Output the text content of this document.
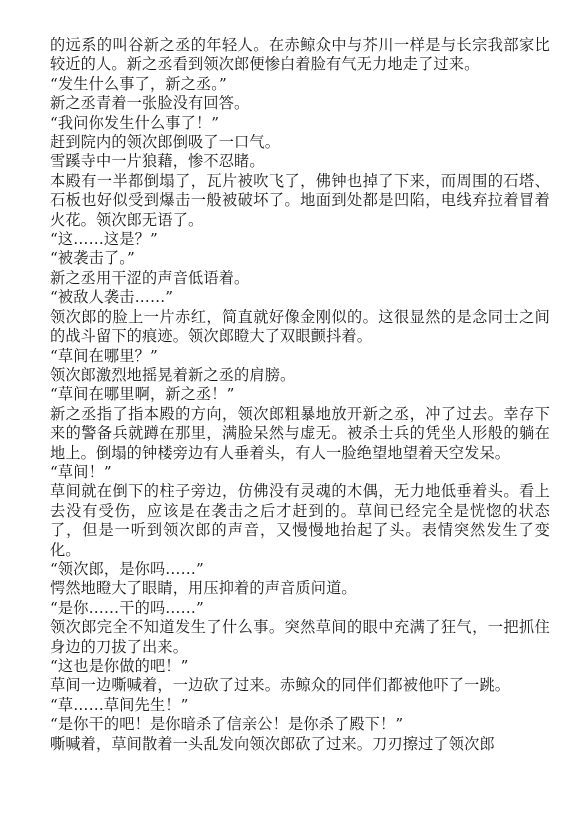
的远系的叫谷新之丞的年轻人。在赤鲸众中与芥川一样是与长宗我部家比较近的人。新之丞看到领次郎便惨白着脸有气无力地走了过来。

“发生什么事了，新之丞。”

新之丞青着一张脸没有回答。

“我问你发生什么事了！”

赶到院内的领次郎倒吸了一口气。

雪蹊寺中一片狼藉，惨不忍睹。

本殿有一半都倒塌了，瓦片被吹飞了，佛钟也掉了下来，而周围的石塔、石板也好似受到爆击一般被破坏了。地面到处都是凹陷，电线弃拉着冒着火花。领次郎无语了。

“这……这是？”

“被袭击了。”

新之丞用干涩的声音低语着。

“被敌人袭击……”

领次郎的脸上一片赤红，简直就好像金刚似的。这很显然的是念同士之间的战斗留下的痕迹。领次郎瞪大了双眼颤抖着。

“草间在哪里？”

领次郎激烈地摇晃着新之丞的肩膀。

“草间在哪里啊，新之丞！”

新之丞指了指本殿的方向，领次郎粗暴地放开新之丞，冲了过去。幸存下来的警备兵就蹲在那里，满脸呆然与虚无。被杀士兵的凭坐人形般的躺在地上。倒塌的钟楼旁边有人垂着头，有人一脸绝望地望着天空发呆。

“草间！”

草间就在倒下的柱子旁边，仿佛没有灵魂的木偶，无力地低垂着头。看上去没有受伤，应该是在袭击之后才赶到的。草间已经完全是恍惚的状态了，但是一听到领次郎的声音，又慢慢地抬起了头。表情突然发生了变化。

“领次郎，是你吗……”

愕然地瞪大了眼睛，用压抑着的声音质问道。

“是你……干的吗……”

领次郎完全不知道发生了什么事。突然草间的眼中充满了狂气，一把抓住身边的刀拔了出来。

“这也是你做的吧！”

草间一边嘶喊着，一边砍了过来。赤鲸众的同伴们都被他吓了一跳。

“草……草间先生！”

“是你干的吧！是你暗杀了信亲公！是你杀了殿下！”

嘶喊着，草间散着一头乱发向领次郎砍了过来。刀刃擦过了领次郎
